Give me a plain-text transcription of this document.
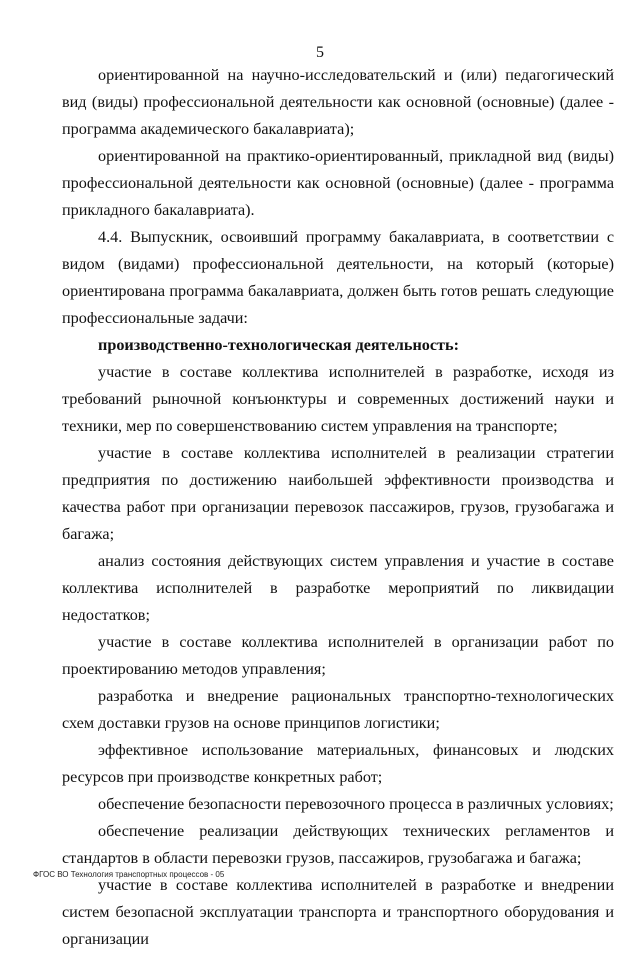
5

ориентированной на научно-исследовательский и (или) педагогический вид (виды) профессиональной деятельности как основной (основные) (далее - программа академического бакалавриата);

ориентированной на практико-ориентированный, прикладной вид (виды) профессиональной деятельности как основной (основные) (далее - программа прикладного бакалавриата).

4.4. Выпускник, освоивший программу бакалавриата, в соответствии с видом (видами) профессиональной деятельности, на который (которые) ориентирована программа бакалавриата, должен быть готов решать следующие профессиональные задачи:

производственно-технологическая деятельность:

участие в составе коллектива исполнителей в разработке, исходя из требований рыночной конъюнктуры и современных достижений науки и техники, мер по совершенствованию систем управления на транспорте;

участие в составе коллектива исполнителей в реализации стратегии предприятия по достижению наибольшей эффективности производства и качества работ при организации перевозок пассажиров, грузов, грузобагажа и багажа;

анализ состояния действующих систем управления и участие в составе коллектива исполнителей в разработке мероприятий по ликвидации недостатков;

участие в составе коллектива исполнителей в организации работ по проектированию методов управления;

разработка и внедрение рациональных транспортно-технологических схем доставки грузов на основе принципов логистики;

эффективное использование материальных, финансовых и людских ресурсов при производстве конкретных работ;

обеспечение безопасности перевозочного процесса в различных условиях;

обеспечение реализации действующих технических регламентов и стандартов в области перевозки грузов, пассажиров, грузобагажа и багажа;

участие в составе коллектива исполнителей в разработке и внедрении систем безопасной эксплуатации транспорта и транспортного оборудования и организации

ФГОС ВО Технология транспортных процессов - 05
